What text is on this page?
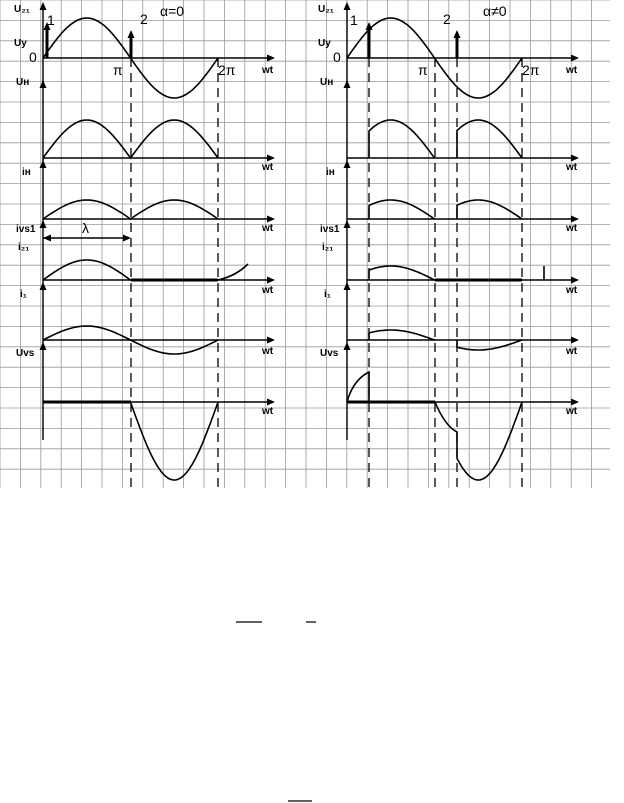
α=0
1	2
0
π	2π
λ
U₂₁
Uу
Uн
iн
ivs1
i₂₁
i₁
Uvs
wt
wt
wt
wt
wt
wt
α≠0
1	2
0
π	2π
U₂₁
Uу
Uн
iн
ivs1
i₂₁
i₁
Uvs
wt
wt
wt
wt
wt
wt
